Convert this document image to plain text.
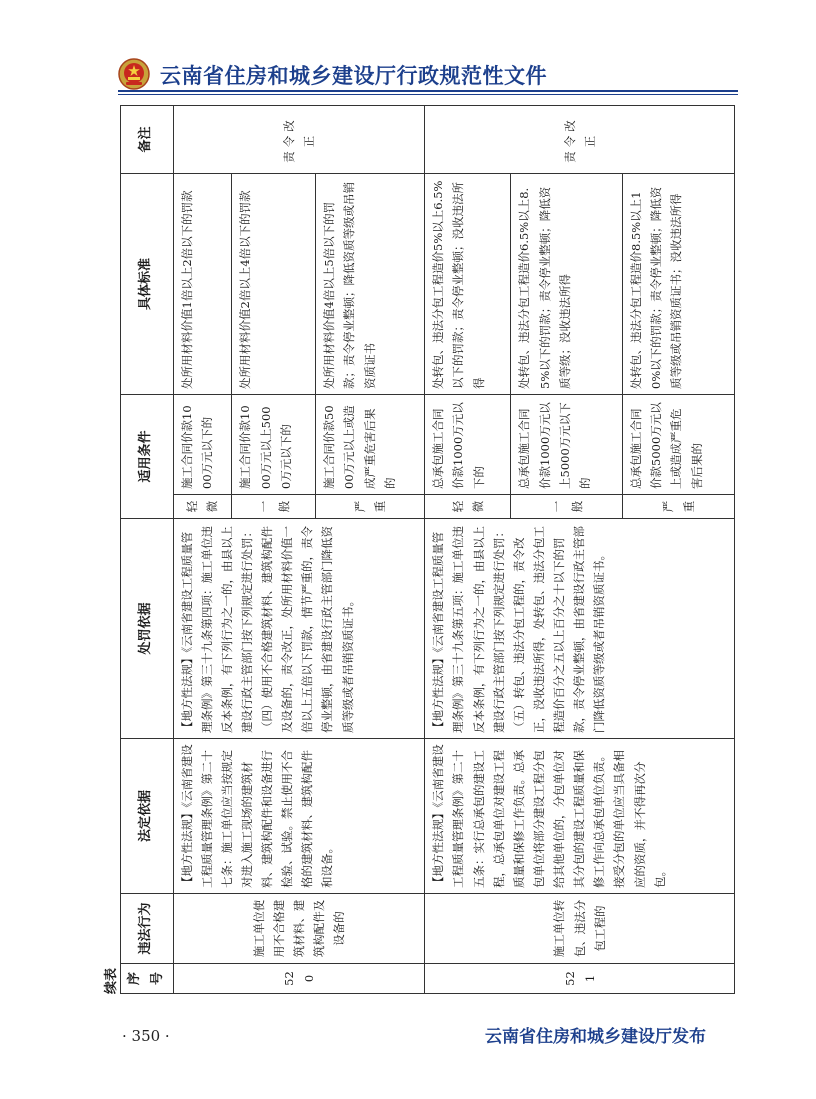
云南省住房和城乡建设厅行政规范性文件
续表 序号	违法行为	法定依据	处罚依据	适用条件		具体标准	备注
520	施工单位使用不合格建筑材料、建筑构配件及设备的	【地方性法规】《云南省建设工程质量管理条例》第二十七条：施工单位应当按规定对进入施工现场的建筑材料、建筑构配件和设备进行检验、试验。禁止使用不合格的建筑材料、建筑构配件和设备。	【地方性法规】《云南省建设工程质量管理条例》第三十九条第四项：施工单位违反本条例，有下列行为之一的，由县以上建设行政主管部门按下列规定进行处罚：（四）使用不合格建筑材料、建筑构配件及设备的，责令改正，处所用材料价值一倍以上五倍以下罚款，情节严重的，责令停业整顿，由省建设行政主管部门降低资质等级或者吊销资质证书。	轻微	施工合同价款1000万元以下的	处所用材料价值1倍以上2倍以下的罚款	责令改正
				一般	施工合同价款1000万元以上5000万元以下的	处所用材料价值2倍以上4倍以下的罚款	
				严重	施工合同价款5000万元以上或造成严重危害后果的	处所用材料价值4倍以上5倍以下的罚款；责令停业整顿；降低资质等级或吊销资质证书	
521	施工单位转包、违法分包工程的	【地方性法规】《云南省建设工程质量管理条例》第二十五条：实行总承包的建设工程，总承包单位对建设工程质量和保修工作负责。总承包单位将部分建设工程分包给其他单位的，分包单位对其分包的建设工程质量和保修工作向总承包单位负责。接受分包的单位应当具备相应的资质，并不得再次分包。	【地方性法规】《云南省建设工程质量管理条例》第三十九条第五项：施工单位违反本条例，有下列行为之一的，由县以上建设行政主管部门按下列规定进行处罚：（五）转包、违法分包工程的，责令改正，没收违法所得，处转包、违法分包工程造价百分之五以上百分之十以下的罚款，责令停业整顿，由省建设行政主管部门降低资质等级或者吊销资质证书。	轻微	总承包施工合同价款1000万元以下的	处转包、违法分包工程造价5%以上6.5%以下的罚款；责令停业整顿；没收违法所得	责令改正
				一般	总承包施工合同价款1000万元以上5000万元以下的	处转包、违法分包工程造价6.5%以上8.5%以下的罚款；责令停业整顿；降低资质等级；没收违法所得	
				严重	总承包施工合同价款5000万元以上或造成严重危害后果的	处转包、违法分包工程造价8.5%以上10%以下的罚款；责令停业整顿；降低资质等级或吊销资质证书；没收违法所得	
· 350 ·	云南省住房和城乡建设厅发布
